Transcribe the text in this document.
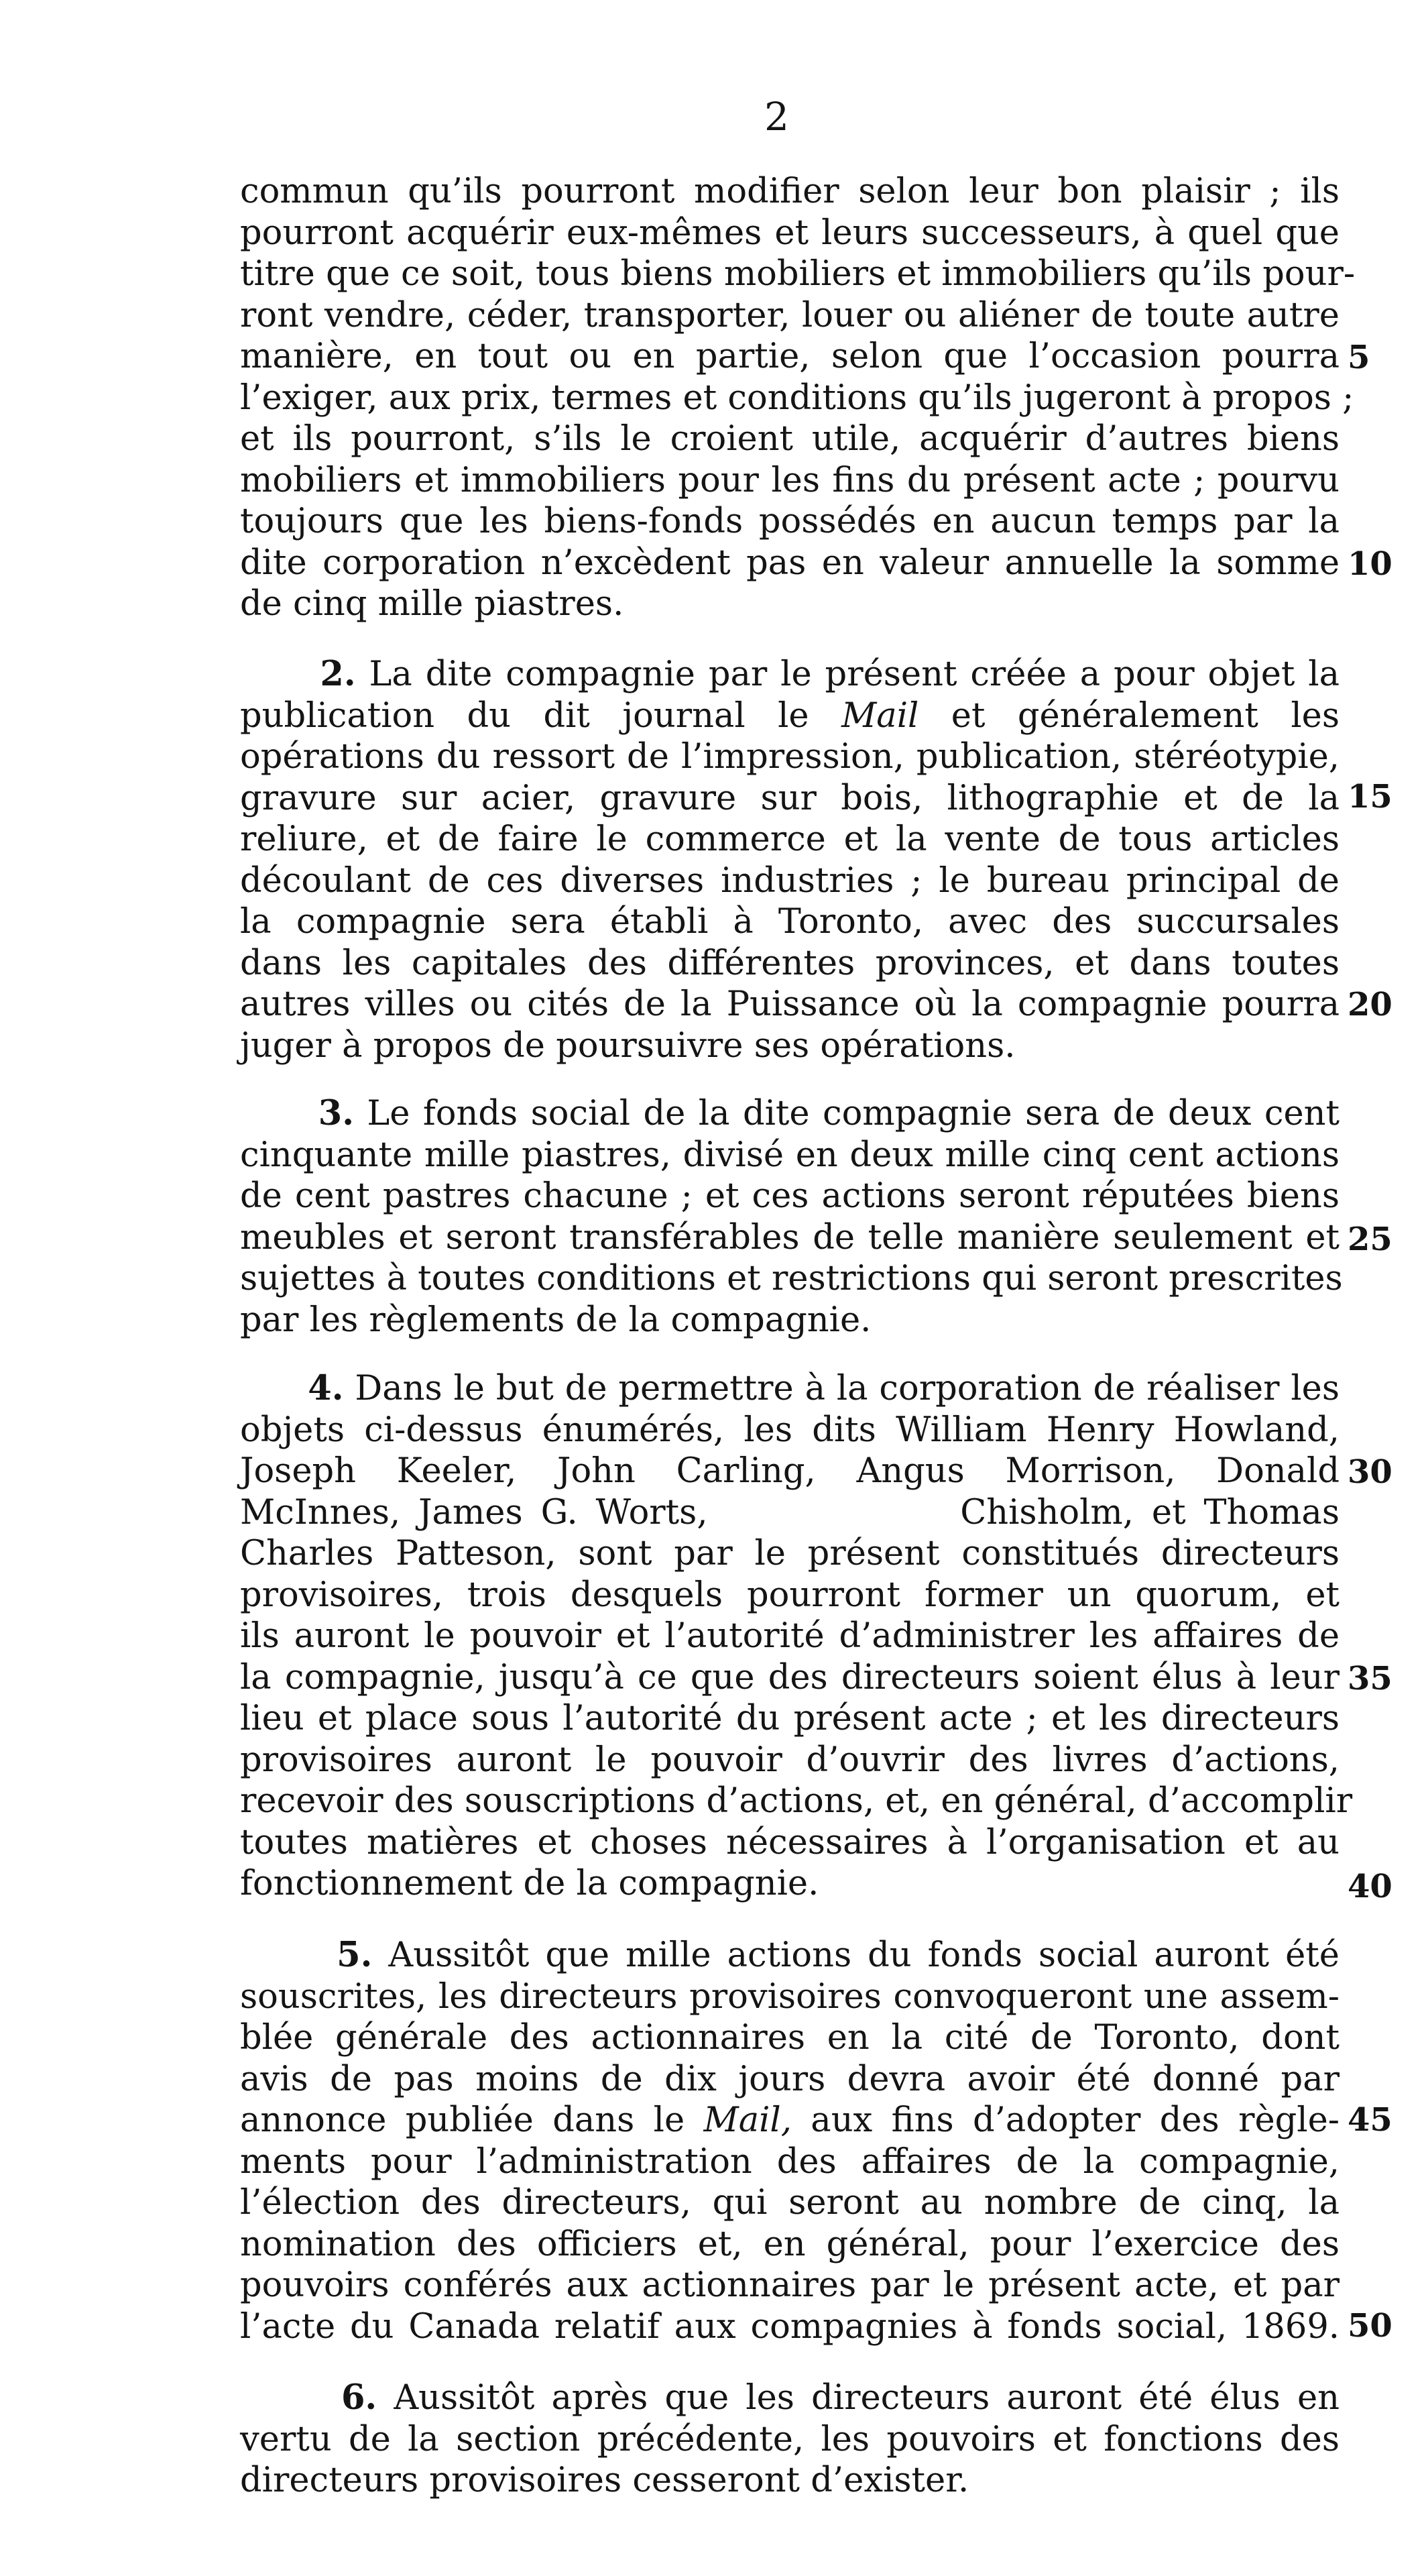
2
commun qu’ils pourront modifier selon leur bon plaisir ; ils
pourront acquérir eux-mêmes et leurs successeurs, à quel que
titre que ce soit, tous biens mobiliers et immobiliers qu’ils pour-
ront vendre, céder, transporter, louer ou aliéner de toute autre
manière, en tout ou en partie, selon que l’occasion pourra
l’exiger, aux prix, termes et conditions qu’ils jugeront à propos ;
et ils pourront, s’ils le croient utile, acquérir d’autres biens
mobiliers et immobiliers pour les fins du présent acte ; pourvu
toujours que les biens-fonds possédés en aucun temps par la
dite corporation n’excèdent pas en valeur annuelle la somme
de cinq mille piastres.
2. La dite compagnie par le présent créée a pour objet la
publication du dit journal le Mail et généralement les
opérations du ressort de l’impression, publication, stéréotypie,
gravure sur acier, gravure sur bois, lithographie et de la
reliure, et de faire le commerce et la vente de tous articles
découlant de ces diverses industries ; le bureau principal de
la compagnie sera établi à Toronto, avec des succursales
dans les capitales des différentes provinces, et dans toutes
autres villes ou cités de la Puissance où la compagnie pourra
juger à propos de poursuivre ses opérations.
3. Le fonds social de la dite compagnie sera de deux cent
cinquante mille piastres, divisé en deux mille cinq cent actions
de cent pastres chacune ; et ces actions seront réputées biens
meubles et seront transférables de telle manière seulement et
sujettes à toutes conditions et restrictions qui seront prescrites
par les règlements de la compagnie.
4. Dans le but de permettre à la corporation de réaliser les
objets ci-dessus énumérés, les dits William Henry Howland,
Joseph Keeler, John Carling, Angus Morrison, Donald
McInnes, James G. Worts,              Chisholm, et Thomas
Charles Patteson, sont par le présent constitués directeurs
provisoires, trois desquels pourront former un quorum, et
ils auront le pouvoir et l’autorité d’administrer les affaires de
la compagnie, jusqu’à ce que des directeurs soient élus à leur
lieu et place sous l’autorité du présent acte ; et les directeurs
provisoires auront le pouvoir d’ouvrir des livres d’actions,
recevoir des souscriptions d’actions, et, en général, d’accomplir
toutes matières et choses nécessaires à l’organisation et au
fonctionnement de la compagnie.
5. Aussitôt que mille actions du fonds social auront été
souscrites, les directeurs provisoires convoqueront une assem-
blée générale des actionnaires en la cité de Toronto, dont
avis de pas moins de dix jours devra avoir été donné par
annonce publiée dans le Mail, aux fins d’adopter des règle-
ments pour l’administration des affaires de la compagnie,
l’élection des directeurs, qui seront au nombre de cinq, la
nomination des officiers et, en général, pour l’exercice des
pouvoirs conférés aux actionnaires par le présent acte, et par
l’acte du Canada relatif aux compagnies à fonds social, 1869.
6. Aussitôt après que les directeurs auront été élus en
vertu de la section précédente, les pouvoirs et fonctions des
directeurs provisoires cesseront d’exister.
5
10
15
20
25
30
35
40
45
50
